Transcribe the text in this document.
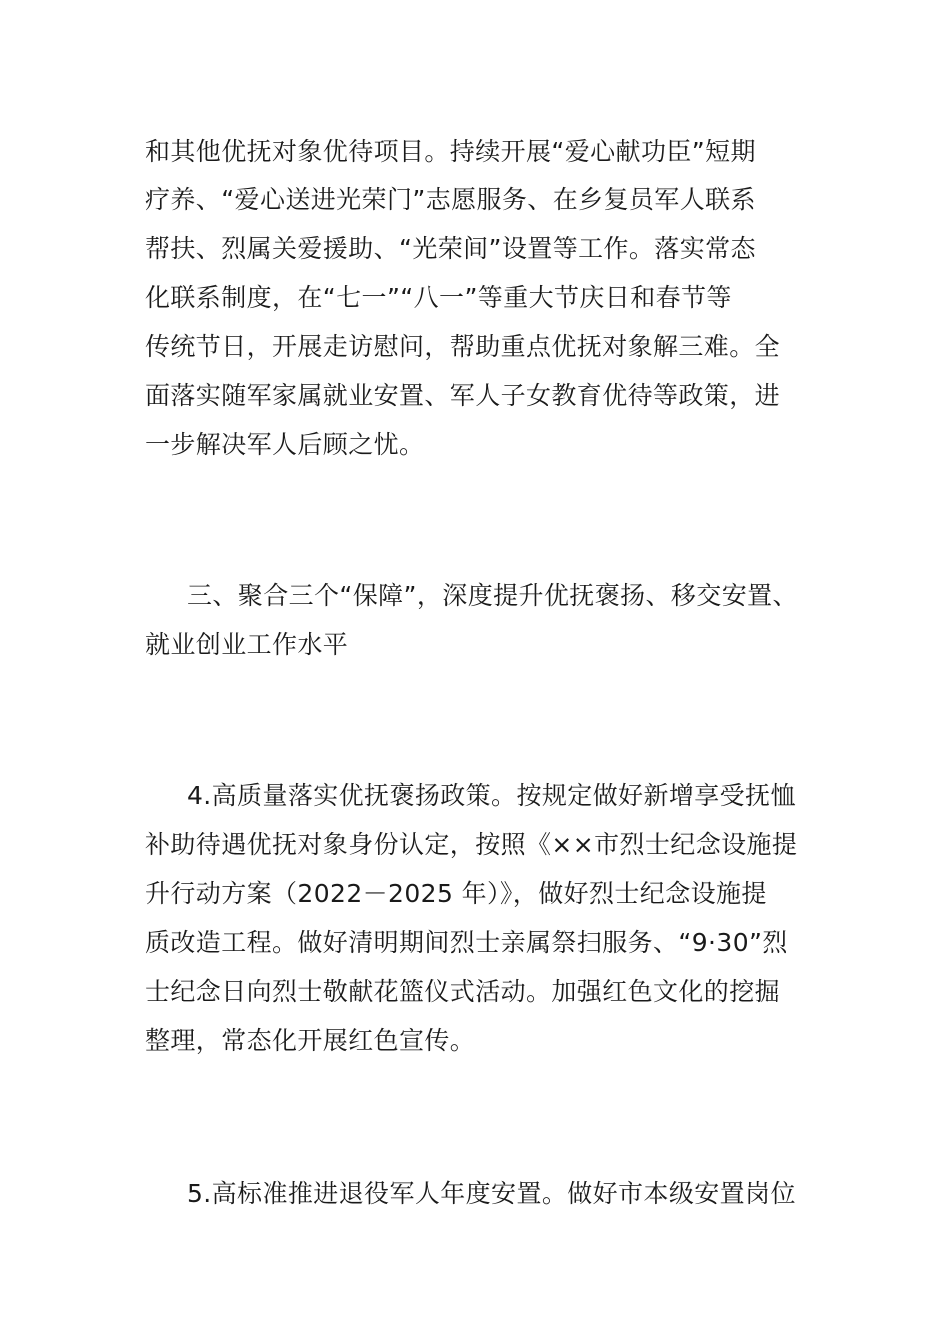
和其他优抚对象优待项目。持续开展“爱心献功臣”短期
疗养、“爱心送进光荣门”志愿服务、在乡复员军人联系
帮扶、烈属关爱援助、“光荣间”设置等工作。落实常态
化联系制度，在“七一”“八一”等重大节庆日和春节等
传统节日，开展走访慰问，帮助重点优抚对象解三难。全
面落实随军家属就业安置、军人子女教育优待等政策，进
一步解决军人后顾之忧。
三、聚合三个“保障”，深度提升优抚褒扬、移交安置、
就业创业工作水平
4.高质量落实优抚褒扬政策。按规定做好新增享受抚恤
补助待遇优抚对象身份认定，按照《××市烈士纪念设施提
升行动方案（2022－2025 年）》，做好烈士纪念设施提
质改造工程。做好清明期间烈士亲属祭扫服务、“9·30”烈
士纪念日向烈士敬献花篮仪式活动。加强红色文化的挖掘
整理，常态化开展红色宣传。
5.高标准推进退役军人年度安置。做好市本级安置岗位
